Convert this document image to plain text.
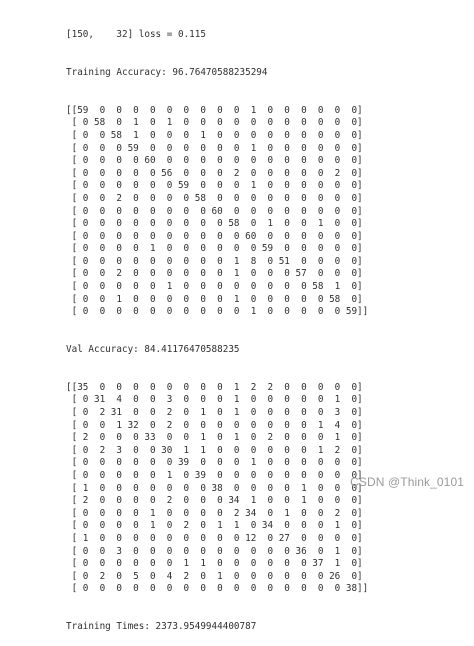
[150,    32] loss = 0.115

Training Accuracy: 96.76470588235294

[[59  0  0  0  0  0  0  0  0  0  1  0  0  0  0  0  0]
[ 0 58  0  1  0  1  0  0  0  0  0  0  0  0  0  0  0]
[ 0  0 58  1  0  0  0  1  0  0  0  0  0  0  0  0  0]
[ 0  0  0 59  0  0  0  0  0  0  1  0  0  0  0  0  0]
[ 0  0  0  0 60  0  0  0  0  0  0  0  0  0  0  0  0]
[ 0  0  0  0  0 56  0  0  0  2  0  0  0  0  0  2  0]
[ 0  0  0  0  0  0 59  0  0  0  1  0  0  0  0  0  0]
[ 0  0  2  0  0  0  0 58  0  0  0  0  0  0  0  0  0]
[ 0  0  0  0  0  0  0  0 60  0  0  0  0  0  0  0  0]
[ 0  0  0  0  0  0  0  0  0 58  0  1  0  0  1  0  0]
[ 0  0  0  0  0  0  0  0  0  0 60  0  0  0  0  0  0]
[ 0  0  0  0  1  0  0  0  0  0  0 59  0  0  0  0  0]
[ 0  0  0  0  0  0  0  0  0  1  8  0 51  0  0  0  0]
[ 0  0  2  0  0  0  0  0  0  1  0  0  0 57  0  0  0]
[ 0  0  0  0  0  1  0  0  0  0  0  0  0  0 58  1  0]
[ 0  0  1  0  0  0  0  0  0  1  0  0  0  0  0 58  0]
[ 0  0  0  0  0  0  0  0  0  0  1  0  0  0  0  0 59]]

Val Accuracy: 84.41176470588235

[[35  0  0  0  0  0  0  0  0  1  2  2  0  0  0  0  0]
[ 0 31  4  0  0  3  0  0  0  1  0  0  0  0  0  1  0]
[ 0  2 31  0  0  2  0  1  0  1  0  0  0  0  0  3  0]
[ 0  0  1 32  0  2  0  0  0  0  0  0  0  0  1  4  0]
[ 2  0  0  0 33  0  0  1  0  1  0  2  0  0  0  1  0]
[ 0  2  3  0  0 30  1  1  0  0  0  0  0  0  1  2  0]
[ 0  0  0  0  0  0 39  0  0  0  1  0  0  0  0  0  0]
[ 0  0  0  0  0  1  0 39  0  0  0  0  0  0  0  0  0]
[ 1  0  0  0  0  0  0  0 38  0  0  0  0  1  0  0  0]
[ 2  0  0  0  0  2  0  0  0 34  1  0  0  1  0  0  0]
[ 0  0  0  0  1  0  0  0  0  2 34  0  1  0  0  2  0]
[ 0  0  0  0  1  0  2  0  1  1  0 34  0  0  0  1  0]
[ 1  0  0  0  0  0  0  0  0  0 12  0 27  0  0  0  0]
[ 0  0  3  0  0  0  0  0  0  0  0  0  0 36  0  1  0]
[ 0  0  0  0  0  0  1  1  0  0  0  0  0  0 37  1  0]
[ 0  2  0  5  0  4  2  0  1  0  0  0  0  0  0 26  0]
[ 0  0  0  0  0  0  0  0  0  0  0  0  0  0  0  0 38]]

Training Times: 2373.9549944400787

CSDN @Think_0101
